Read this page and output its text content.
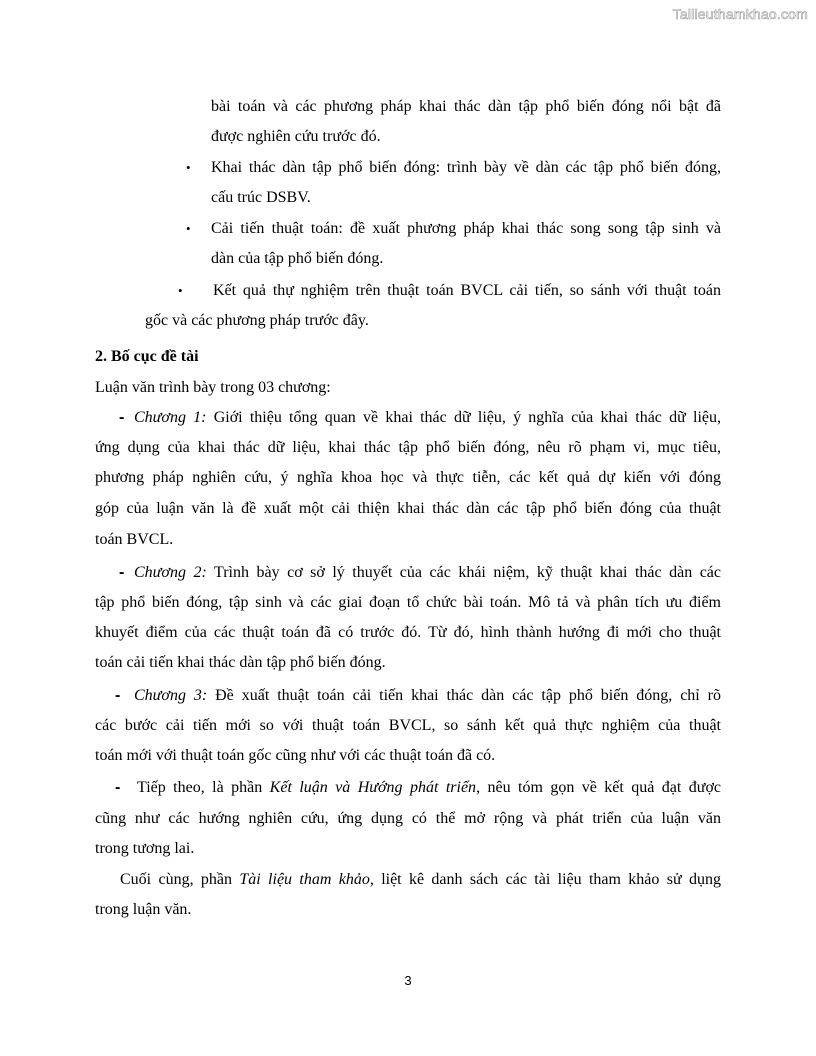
Tailieuthamkhao.com
bài toán và các phương pháp khai thác dàn tập phổ biến đóng nổi bật đã
được nghiên cứu trước đó.
• Khai thác dàn tập phổ biến đóng: trình bày về dàn các tập phổ biến đóng,
cấu trúc DSBV.
• Cải tiến thuật toán: đề xuất phương pháp khai thác song song tập sinh và
dàn của tập phổ biến đóng.
• Kết quả thự nghiệm trên thuật toán BVCL cải tiến, so sánh với thuật toán
gốc và các phương pháp trước đây.
2. Bố cục đề tài
Luận văn trình bày trong 03 chương:
- Chương 1: Giới thiệu tổng quan về khai thác dữ liệu, ý nghĩa của khai thác dữ liệu,
ứng dụng của khai thác dữ liệu, khai thác tập phổ biến đóng, nêu rõ phạm vi, mục tiêu,
phương pháp nghiên cứu, ý nghĩa khoa học và thực tiễn, các kết quả dự kiến với đóng
góp của luận văn là đề xuất một cải thiện khai thác dàn các tập phổ biến đóng của thuật
toán BVCL.
- Chương 2: Trình bày cơ sở lý thuyết của các khái niệm, kỹ thuật khai thác dàn các
tập phổ biến đóng, tập sinh và các giai đoạn tổ chức bài toán. Mô tả và phân tích ưu điểm
khuyết điểm của các thuật toán đã có trước đó. Từ đó, hình thành hướng đi mới cho thuật
toán cải tiến khai thác dàn tập phổ biến đóng.
- Chương 3: Đề xuất thuật toán cải tiến khai thác dàn các tập phổ biến đóng, chỉ rõ
các bước cải tiến mới so với thuật toán BVCL, so sánh kết quả thực nghiệm của thuật
toán mới với thuật toán gốc cũng như với các thuật toán đã có.
- Tiếp theo, là phần Kết luận và Hướng phát triển, nêu tóm gọn về kết quả đạt được
cũng như các hướng nghiên cứu, ứng dụng có thể mở rộng và phát triển của luận văn
trong tương lai.
Cuối cùng, phần Tài liệu tham khảo, liệt kê danh sách các tài liệu tham khảo sử dụng
trong luận văn.
3
